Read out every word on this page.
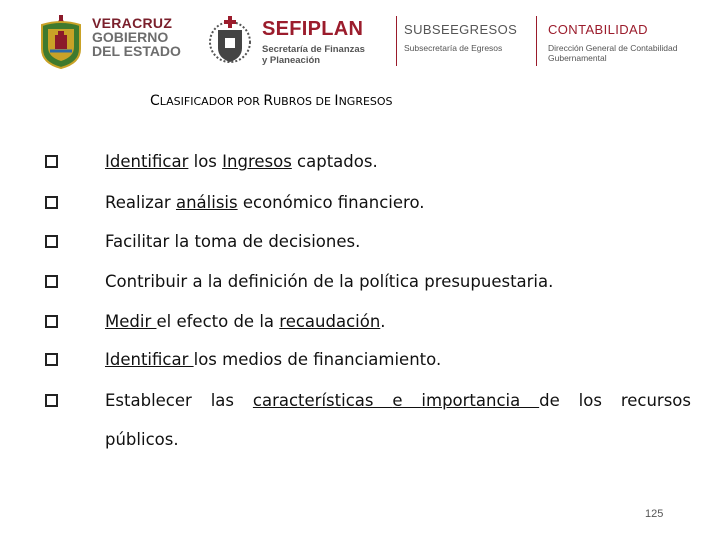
VERACRUZ
GOBIERNO
DEL ESTADO
SEFIPLAN
Secretaría de Finanzas
y Planeación
SUBSEEGRESOS
Subsecretaría de Egresos
CONTABILIDAD
Dirección General de Contabilidad
Gubernamental
CLASIFICADOR POR RUBROS DE INGRESOS
Identificar los Ingresos captados.
Realizar análisis económico financiero.
Facilitar la toma de decisiones.
Contribuir a la definición de la política presupuestaria.
Medir el efecto de la recaudación.
Identificar los medios de financiamiento.
Establecer las características e importancia de los recursos
públicos.
125
